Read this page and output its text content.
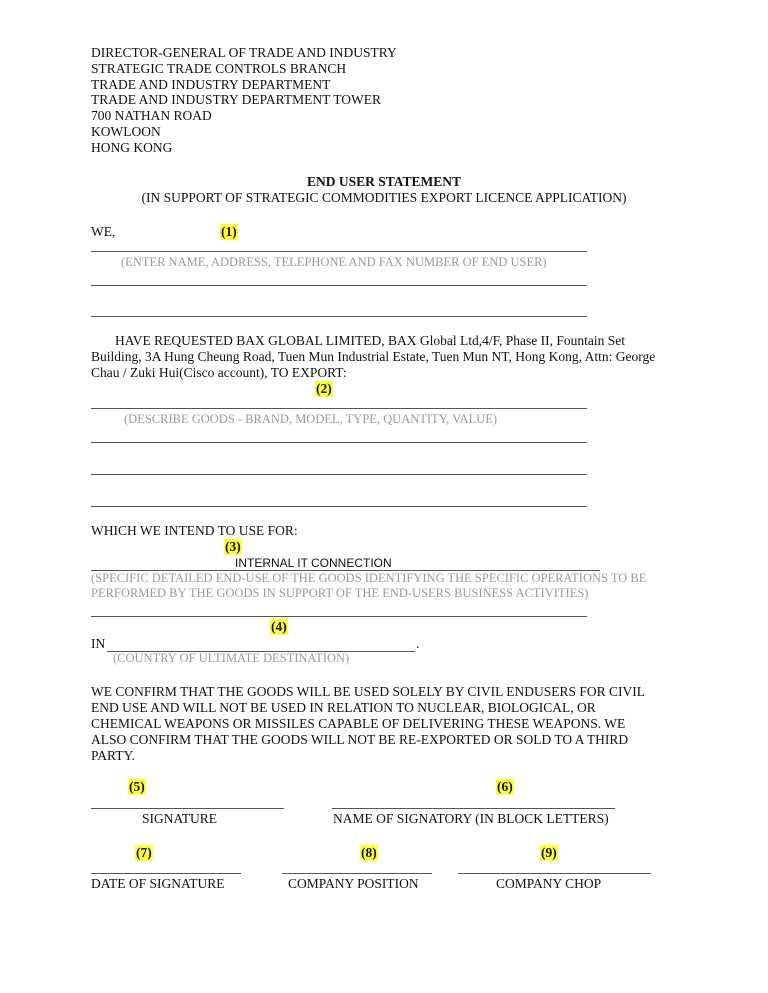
DIRECTOR-GENERAL OF TRADE AND INDUSTRY
STRATEGIC TRADE CONTROLS BRANCH
TRADE AND INDUSTRY DEPARTMENT
TRADE AND INDUSTRY DEPARTMENT TOWER
700 NATHAN ROAD
KOWLOON
HONG KONG
END USER STATEMENT
(IN SUPPORT OF STRATEGIC COMMODITIES EXPORT LICENCE APPLICATION)
WE,	(1)
(ENTER NAME, ADDRESS, TELEPHONE AND FAX NUMBER OF END USER)
HAVE REQUESTED BAX GLOBAL LIMITED, BAX Global Ltd,4/F, Phase II, Fountain Set
Building, 3A Hung Cheung Road, Tuen Mun Industrial Estate, Tuen Mun NT, Hong Kong, Attn: George
Chau / Zuki Hui(Cisco account), TO EXPORT:
(2)
(DESCRIBE GOODS - BRAND, MODEL, TYPE, QUANTITY, VALUE)
WHICH WE INTEND TO USE FOR:
(3)
INTERNAL IT CONNECTION
(SPECIFIC DETAILED END-USE OF THE GOODS IDENTIFYING THE SPECIFIC OPERATIONS TO BE
PERFORMED BY THE GOODS IN SUPPORT OF THE END-USERS BUSINESS ACTIVITIES)
(4)
IN	.
(COUNTRY OF ULTIMATE DESTINATION)
WE CONFIRM THAT THE GOODS WILL BE USED SOLELY BY CIVIL ENDUSERS FOR CIVIL
END USE AND WILL NOT BE USED IN RELATION TO NUCLEAR, BIOLOGICAL, OR
CHEMICAL WEAPONS OR MISSILES CAPABLE OF DELIVERING THESE WEAPONS. WE
ALSO CONFIRM THAT THE GOODS WILL NOT BE RE-EXPORTED OR SOLD TO A THIRD
PARTY.
(5)	(6)
SIGNATURE	NAME OF SIGNATORY (IN BLOCK LETTERS)
(7)	(8)	(9)
DATE OF SIGNATURE	COMPANY POSITION	COMPANY CHOP
